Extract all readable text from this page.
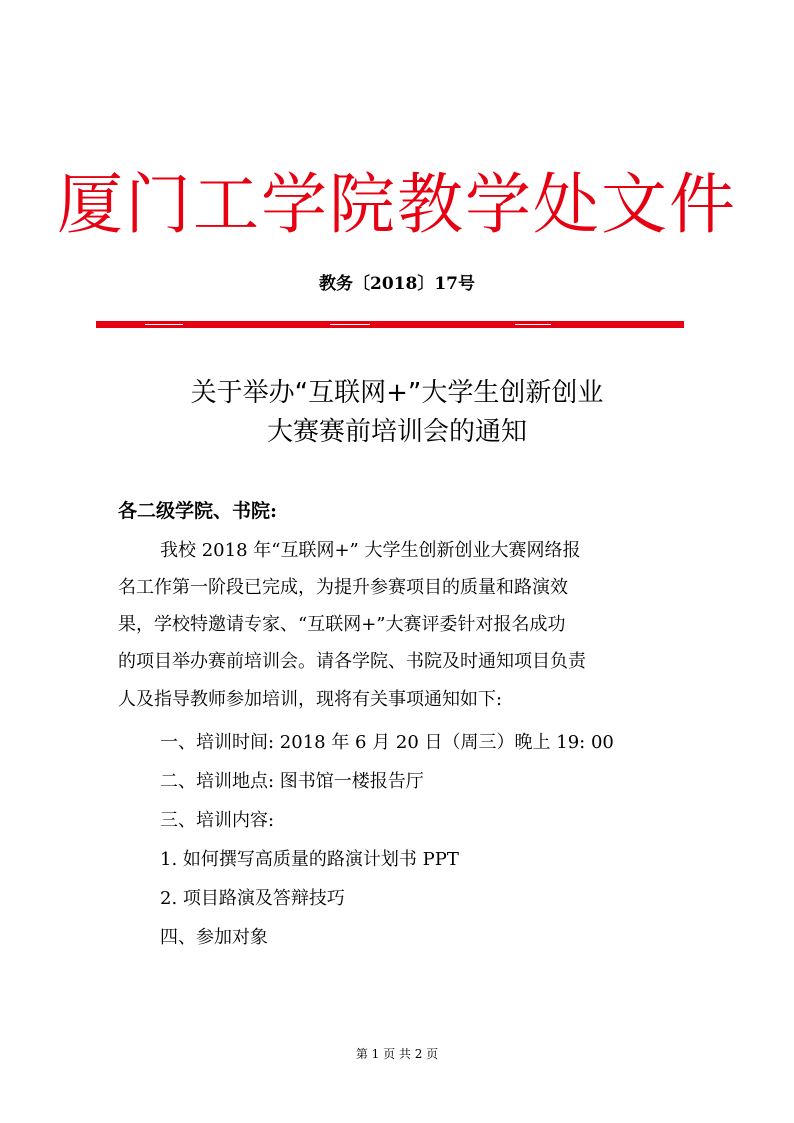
厦门工学院教学处文件
教务〔2018〕17号
关于举办“互联网+”大学生创新创业
大赛赛前培训会的通知
各二级学院、书院:
我校 2018 年“互联网+” 大学生创新创业大赛网络报
名工作第一阶段已完成，为提升参赛项目的质量和路演效
果，学校特邀请专家、“互联网+”大赛评委针对报名成功
的项目举办赛前培训会。请各学院、书院及时通知项目负责
人及指导教师参加培训，现将有关事项通知如下:
一、培训时间: 2018 年 6 月 20 日（周三）晚上 19: 00
二、培训地点: 图书馆一楼报告厅
三、培训内容:
1. 如何撰写高质量的路演计划书 PPT
2. 项目路演及答辩技巧
四、参加对象
第 1 页 共 2 页
